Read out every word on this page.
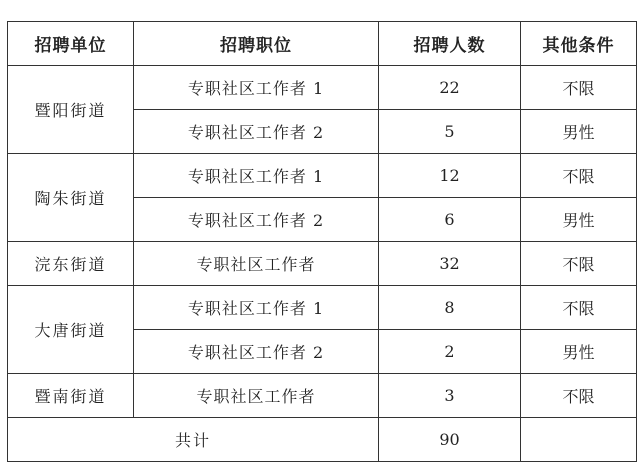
招聘单位	招聘职位	招聘人数	其他条件
暨阳街道	专职社区工作者 1	22	不限
	专职社区工作者 2	5	男性
陶朱街道	专职社区工作者 1	12	不限
	专职社区工作者 2	6	男性
浣东街道	专职社区工作者	32	不限
大唐街道	专职社区工作者 1	8	不限
	专职社区工作者 2	2	男性
暨南街道	专职社区工作者	3	不限
共计		90	
